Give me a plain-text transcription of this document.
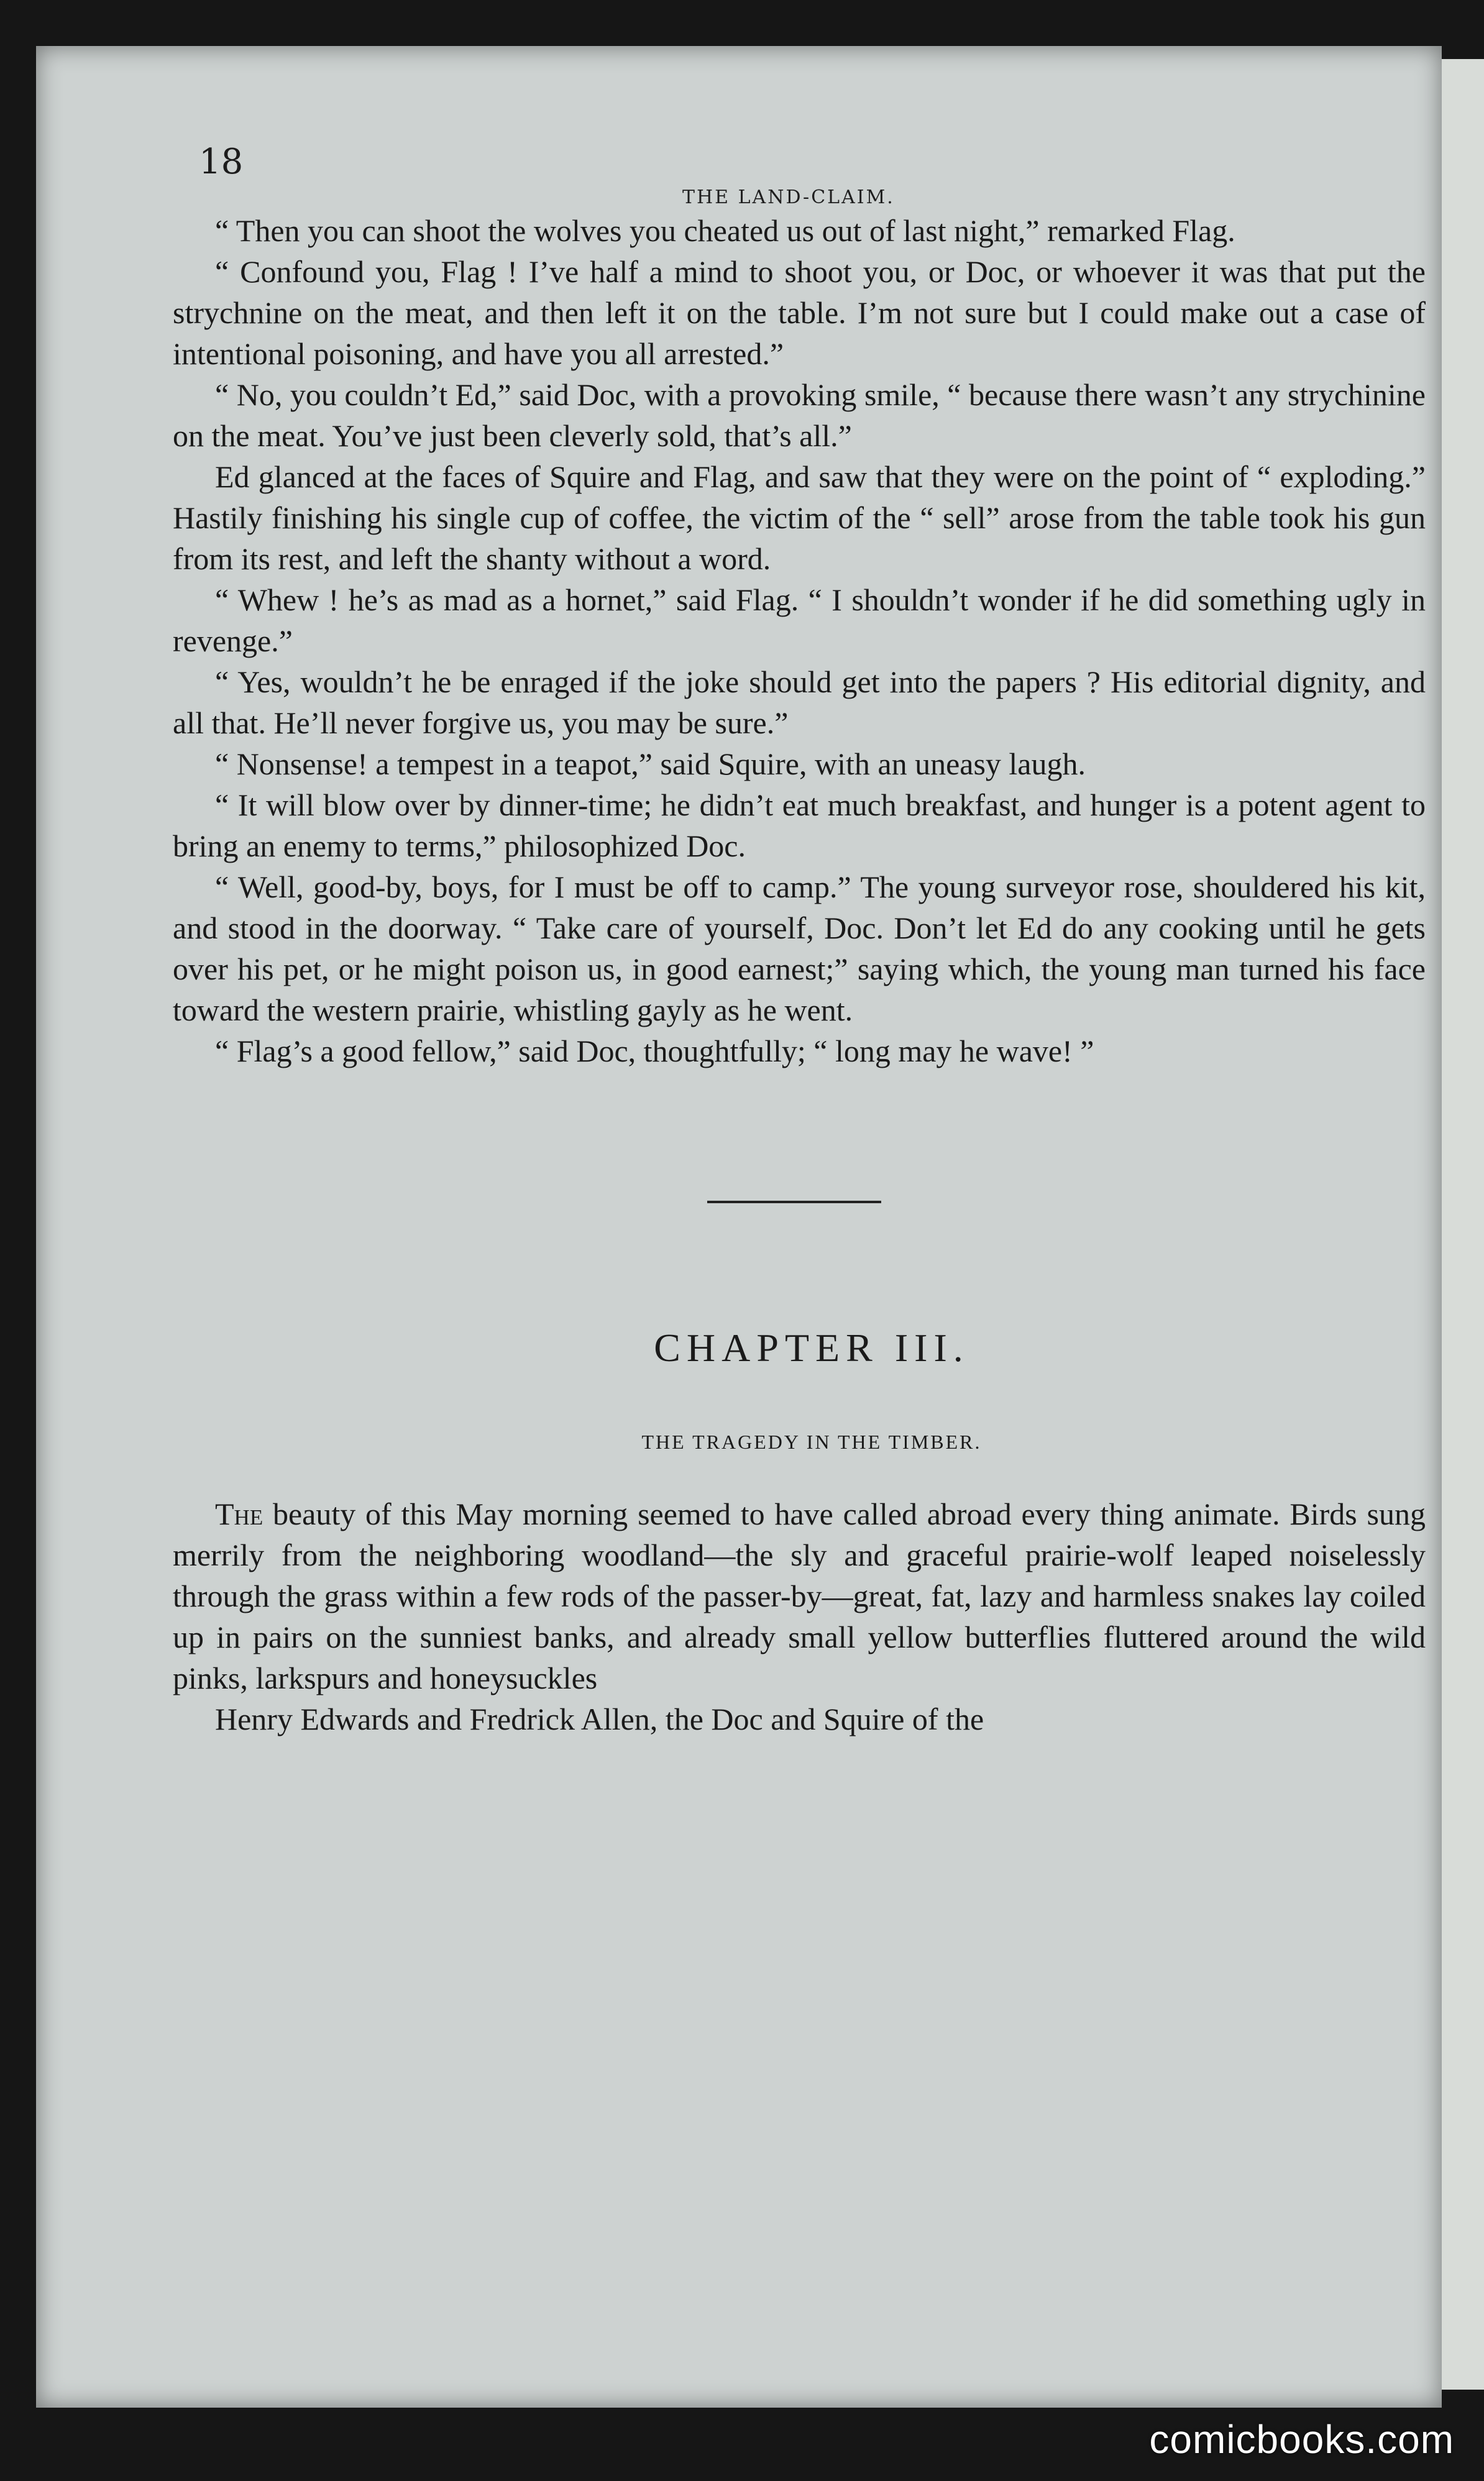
18
THE LAND-CLAIM.

“ Then you can shoot the wolves you cheated us out of last night,” remarked Flag.

“ Confound you, Flag ! I’ve half a mind to shoot you, or Doc, or whoever it was that put the strychnine on the meat, and then left it on the table. I’m not sure but I could make out a case of intentional poisoning, and have you all arrested.”

“ No, you couldn’t Ed,” said Doc, with a provoking smile, “ because there wasn’t any strychinine on the meat. You’ve just been cleverly sold, that’s all.”

Ed glanced at the faces of Squire and Flag, and saw that they were on the point of “ exploding.” Hastily finishing his single cup of coffee, the victim of the “ sell” arose from the table took his gun from its rest, and left the shanty without a word.

“ Whew ! he’s as mad as a hornet,” said Flag. “ I shouldn’t wonder if he did something ugly in revenge.”

“ Yes, wouldn’t he be enraged if the joke should get into the papers ? His editorial dignity, and all that. He’ll never forgive us, you may be sure.”

“ Nonsense! a tempest in a teapot,” said Squire, with an uneasy laugh.

“ It will blow over by dinner-time; he didn’t eat much breakfast, and hunger is a potent agent to bring an enemy to terms,” philosophized Doc.

“ Well, good-by, boys, for I must be off to camp.” The young surveyor rose, shouldered his kit, and stood in the doorway. “ Take care of yourself, Doc. Don’t let Ed do any cooking until he gets over his pet, or he might poison us, in good earnest;” saying which, the young man turned his face toward the western prairie, whistling gayly as he went.

“ Flag’s a good fellow,” said Doc, thoughtfully; “ long may he wave! ”

CHAPTER III.
THE TRAGEDY IN THE TIMBER.

The beauty of this May morning seemed to have called abroad every thing animate. Birds sung merrily from the neighboring woodland—the sly and graceful prairie-wolf leaped noiselessly through the grass within a few rods of the passer-by—great, fat, lazy and harmless snakes lay coiled up in pairs on the sunniest banks, and already small yellow butterflies fluttered around the wild pinks, larkspurs and honeysuckles

Henry Edwards and Fredrick Allen, the Doc and Squire of the

comicbooks.com
